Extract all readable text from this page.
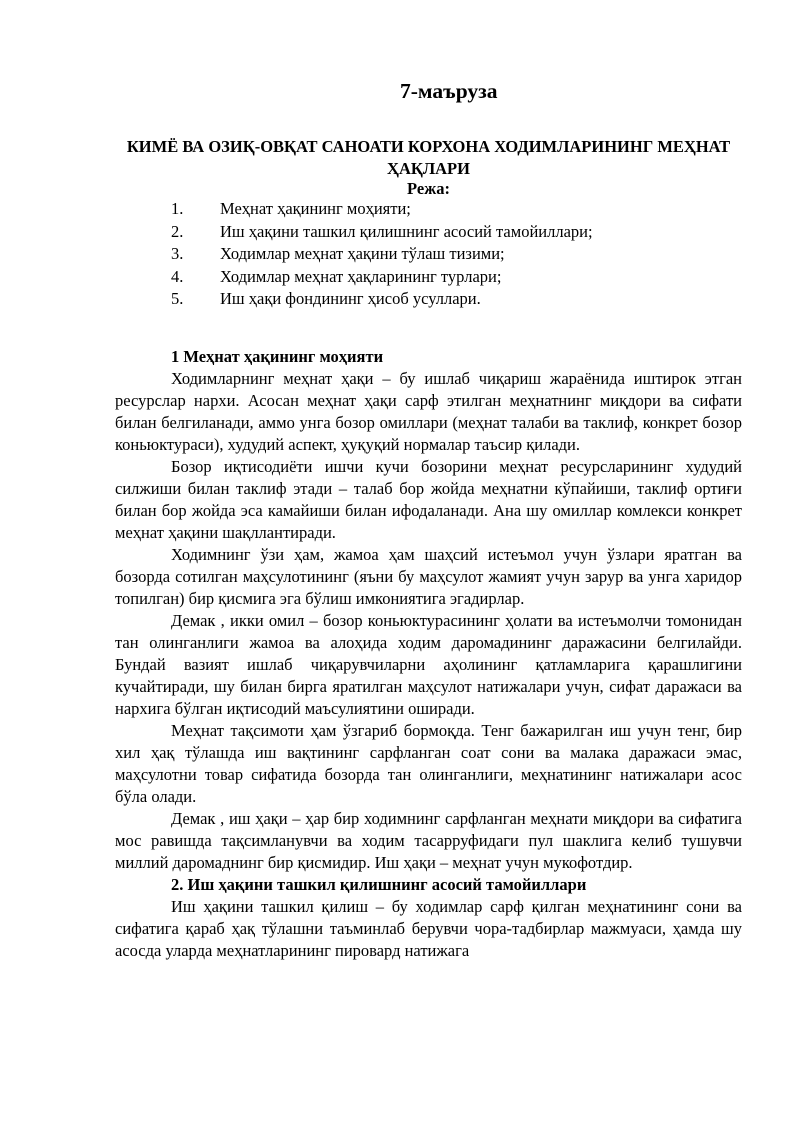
7-маъруза
КИМЁ ВА ОЗИҚ-ОВҚАТ САНОАТИ КОРХОНА ХОДИМЛАРИНИНГ МЕҲНАТ ҲАҚЛАРИ
Режа:
1. Меҳнат ҳақининг моҳияти;
2. Иш ҳақини ташкил қилишнинг асосий тамойиллари;
3. Ходимлар меҳнат ҳақини тўлаш тизими;
4. Ходимлар меҳнат ҳақларининг турлари;
5. Иш ҳақи фондининг ҳисоб усуллари.
1 Меҳнат ҳақининг моҳияти

Ходимларнинг меҳнат ҳақи – бу ишлаб чиқариш жараёнида иштирок этган ресурслар нархи. Асосан меҳнат ҳақи сарф этилган меҳнатнинг миқдори ва сифати билан белгиланади, аммо унга бозор омиллари (меҳнат талаби ва таклиф, конкрет бозор коньюктураси), худудий аспект, ҳуқуқий нормалар таъсир қилади.

Бозор иқтисодиёти ишчи кучи бозорини меҳнат ресурсларининг худудий силжиши билан таклиф этади – талаб бор жойда меҳнатни кўпайиши, таклиф ортиғи билан бор жойда эса камайиши билан ифодаланади. Ана шу омиллар комлекси конкрет меҳнат ҳақини шақллантиради.

Ходимнинг ўзи ҳам, жамоа ҳам шаҳсий истеъмол учун ўзлари яратган ва бозорда сотилган маҳсулотининг (яъни бу маҳсулот жамият учун зарур ва унга харидор топилган) бир қисмига эга бўлиш имкониятига эгадирлар.

Демак , икки омил – бозор коньюктурасининг ҳолати ва истеъмолчи томонидан тан олинганлиги жамоа ва алоҳида ходим даромадининг даражасини белгилайди. Бундай вазият ишлаб чиқарувчиларни аҳолининг қатламларига қарашлигини кучайтиради, шу билан бирга яратилган маҳсулот натижалари учун, сифат даражаси ва нархига бўлган иқтисодий маъсулиятини оширади.

Меҳнат тақсимоти ҳам ўзгариб бормоқда. Тенг бажарилган иш учун тенг, бир хил ҳақ тўлашда иш вақтининг сарфланган соат сони ва малака даражаси эмас, маҳсулотни товар сифатида бозорда тан олинганлиги, меҳнатининг натижалари асос бўла олади.

Демак , иш ҳақи – ҳар бир ходимнинг сарфланган меҳнати миқдори ва сифатига мос равишда тақсимланувчи ва ходим тасарруфидаги пул шаклига келиб тушувчи миллий даромаднинг бир қисмидир. Иш ҳақи – меҳнат учун мукофотдир.

2. Иш ҳақини ташкил қилишнинг асосий тамойиллари

Иш ҳақини ташкил қилиш – бу ходимлар сарф қилган меҳнатининг сони ва сифатига қараб ҳақ тўлашни таъминлаб берувчи чора-тадбирлар мажмуаси, ҳамда шу асосда уларда меҳнатларининг пировард натижага
